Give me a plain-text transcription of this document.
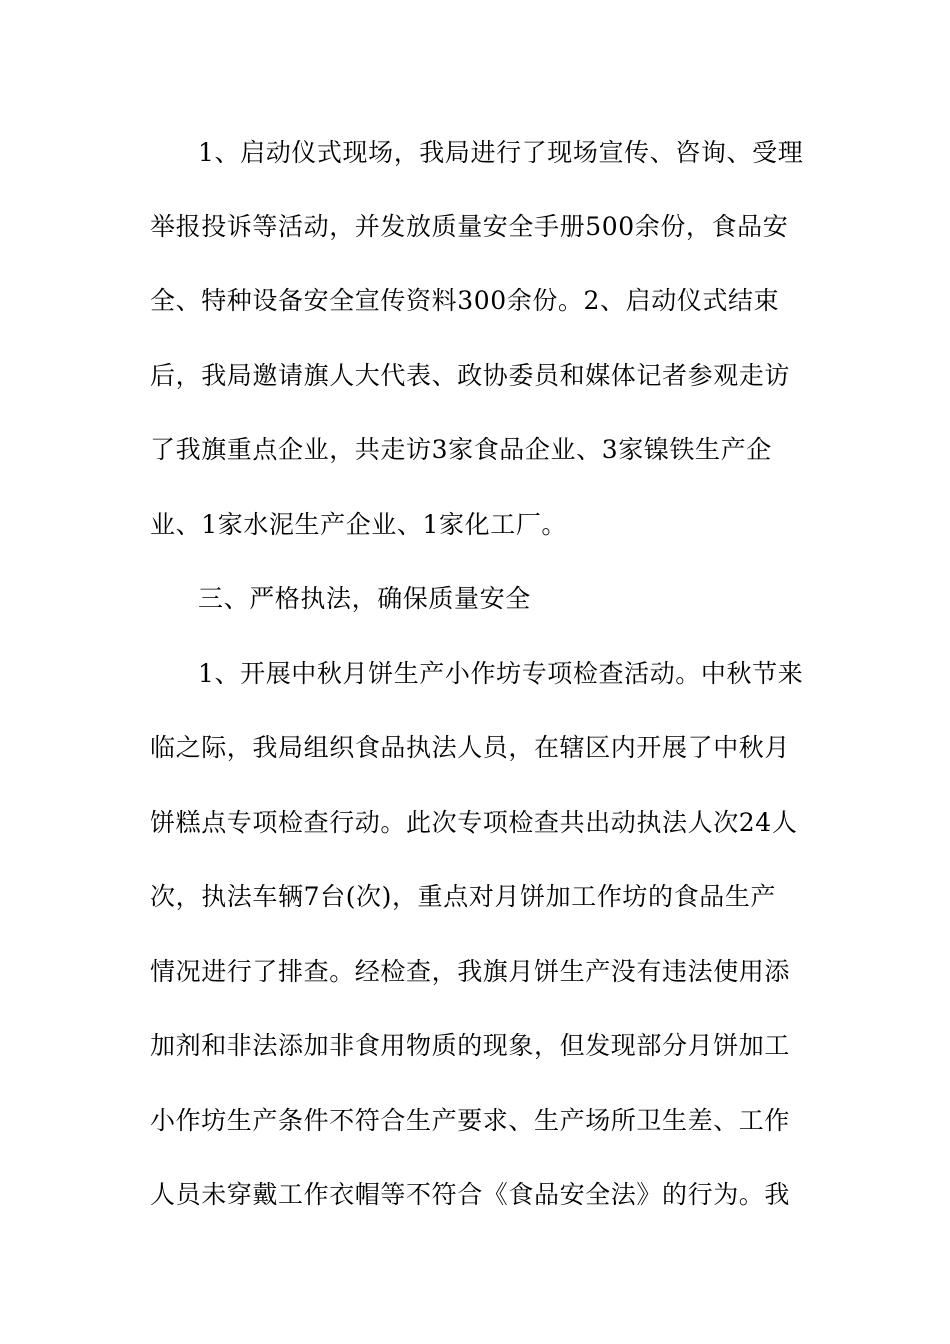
1、启动仪式现场，我局进行了现场宣传、咨询、受理
举报投诉等活动，并发放质量安全手册500余份，食品安
全、特种设备安全宣传资料300余份。2、启动仪式结束
后，我局邀请旗人大代表、政协委员和媒体记者参观走访
了我旗重点企业，共走访3家食品企业、3家镍铁生产企
业、1家水泥生产企业、1家化工厂。
三、严格执法，确保质量安全
1、开展中秋月饼生产小作坊专项检查活动。中秋节来
临之际，我局组织食品执法人员，在辖区内开展了中秋月
饼糕点专项检查行动。此次专项检查共出动执法人次24人
次，执法车辆7台(次)，重点对月饼加工作坊的食品生产
情况进行了排查。经检查，我旗月饼生产没有违法使用添
加剂和非法添加非食用物质的现象，但发现部分月饼加工
小作坊生产条件不符合生产要求、生产场所卫生差、工作
人员未穿戴工作衣帽等不符合《食品安全法》的行为。我
